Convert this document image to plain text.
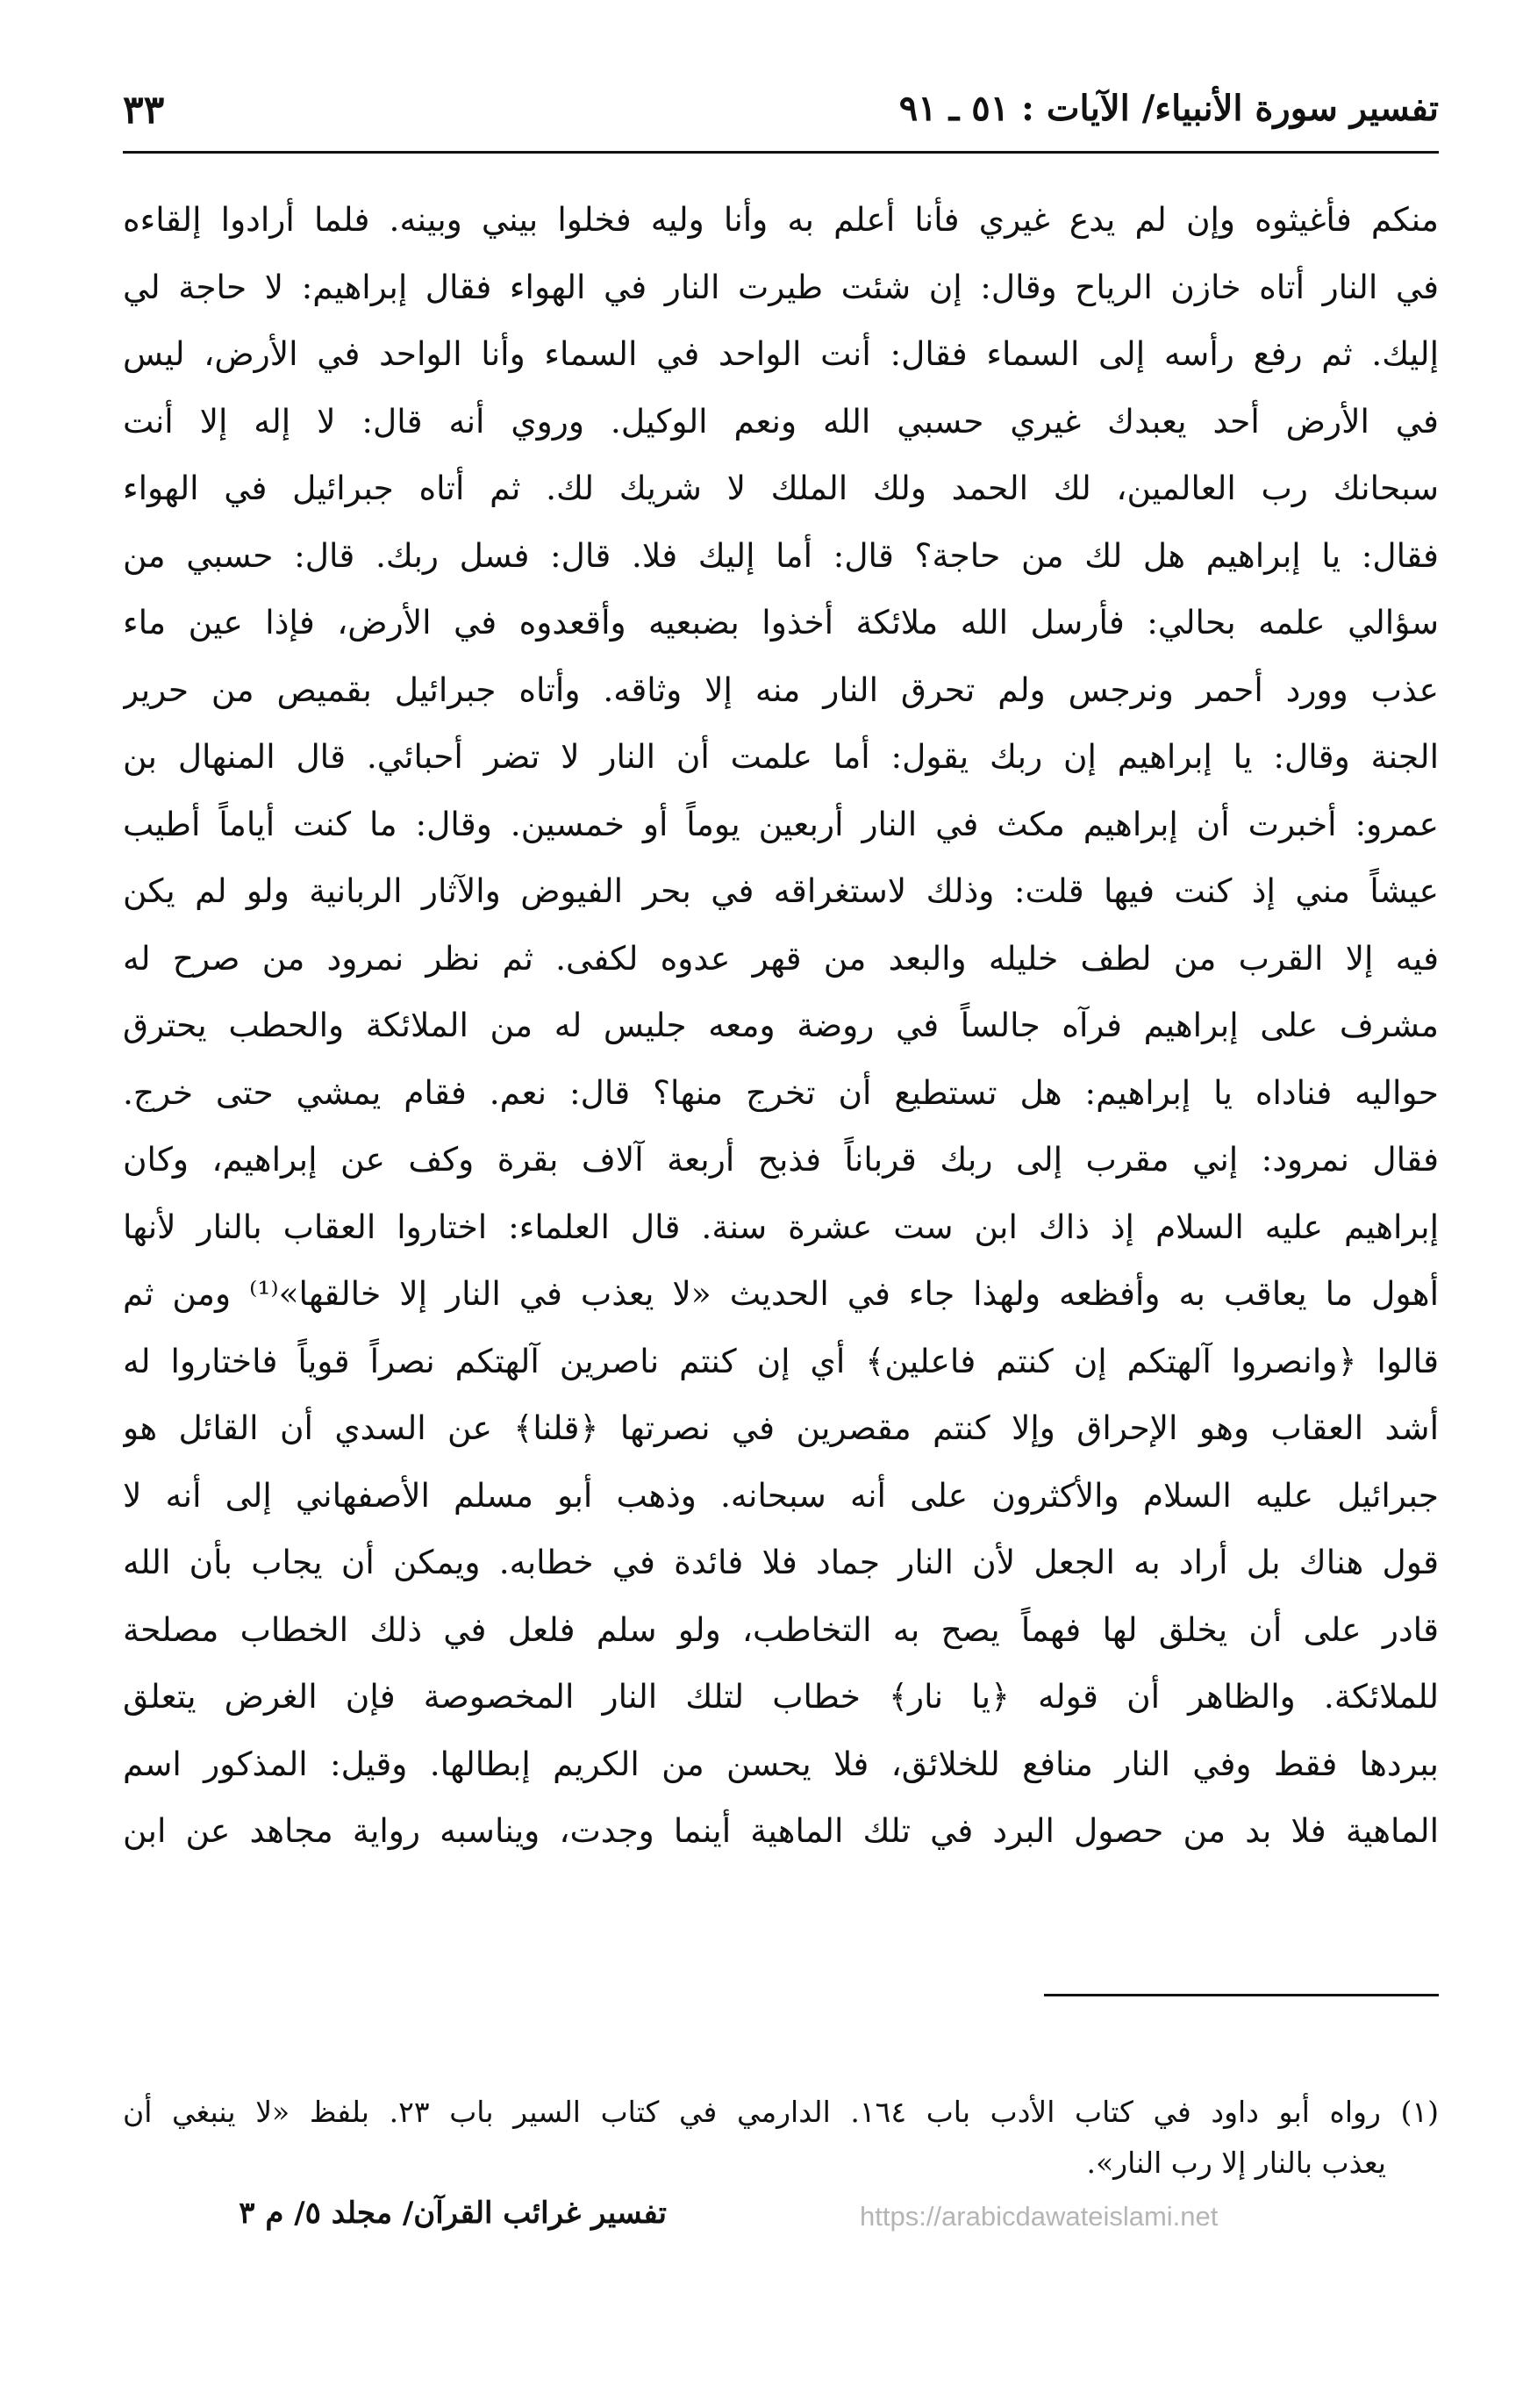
تفسير سورة الأنبياء/ الآيات : ٥١ ـ ٩١
٣٣
منكم فأغيثوه وإن لم يدع غيري فأنا أعلم به وأنا وليه فخلوا بيني وبينه. فلما أرادوا إلقاءه
في النار أتاه خازن الرياح وقال: إن شئت طيرت النار في الهواء فقال إبراهيم: لا حاجة لي
إليك. ثم رفع رأسه إلى السماء فقال: أنت الواحد في السماء وأنا الواحد في الأرض، ليس
في الأرض أحد يعبدك غيري حسبي الله ونعم الوكيل. وروي أنه قال: لا إله إلا أنت
سبحانك رب العالمين، لك الحمد ولك الملك لا شريك لك. ثم أتاه جبرائيل في الهواء
فقال: يا إبراهيم هل لك من حاجة؟ قال: أما إليك فلا. قال: فسل ربك. قال: حسبي من
سؤالي علمه بحالي: فأرسل الله ملائكة أخذوا بضبعيه وأقعدوه في الأرض، فإذا عين ماء
عذب وورد أحمر ونرجس ولم تحرق النار منه إلا وثاقه. وأتاه جبرائيل بقميص من حرير
الجنة وقال: يا إبراهيم إن ربك يقول: أما علمت أن النار لا تضر أحبائي. قال المنهال بن
عمرو: أخبرت أن إبراهيم مكث في النار أربعين يوماً أو خمسين. وقال: ما كنت أياماً أطيب
عيشاً مني إذ كنت فيها قلت: وذلك لاستغراقه في بحر الفيوض والآثار الربانية ولو لم يكن
فيه إلا القرب من لطف خليله والبعد من قهر عدوه لكفى. ثم نظر نمرود من صرح له
مشرف على إبراهيم فرآه جالساً في روضة ومعه جليس له من الملائكة والحطب يحترق
حواليه فناداه يا إبراهيم: هل تستطيع أن تخرج منها؟ قال: نعم. فقام يمشي حتى خرج.
فقال نمرود: إني مقرب إلى ربك قرباناً فذبح أربعة آلاف بقرة وكف عن إبراهيم، وكان
إبراهيم عليه السلام إذ ذاك ابن ست عشرة سنة. قال العلماء: اختاروا العقاب بالنار لأنها
أهول ما يعاقب به وأفظعه ولهذا جاء في الحديث «لا يعذب في النار إلا خالقها»⁽¹⁾ ومن ثم
قالوا ﴿وانصروا آلهتكم إن كنتم فاعلين﴾ أي إن كنتم ناصرين آلهتكم نصراً قوياً فاختاروا له
أشد العقاب وهو الإحراق وإلا كنتم مقصرين في نصرتها ﴿قلنا﴾ عن السدي أن القائل هو
جبرائيل عليه السلام والأكثرون على أنه سبحانه. وذهب أبو مسلم الأصفهاني إلى أنه لا
قول هناك بل أراد به الجعل لأن النار جماد فلا فائدة في خطابه. ويمكن أن يجاب بأن الله
قادر على أن يخلق لها فهماً يصح به التخاطب، ولو سلم فلعل في ذلك الخطاب مصلحة
للملائكة. والظاهر أن قوله ﴿يا نار﴾ خطاب لتلك النار المخصوصة فإن الغرض يتعلق
ببردها فقط وفي النار منافع للخلائق، فلا يحسن من الكريم إبطالها. وقيل: المذكور اسم
الماهية فلا بد من حصول البرد في تلك الماهية أينما وجدت، ويناسبه رواية مجاهد عن ابن
(١) رواه أبو داود في كتاب الأدب باب ١٦٤. الدارمي في كتاب السير باب ٢٣. بلفظ «لا ينبغي أن
يعذب بالنار إلا رب النار».
تفسير غرائب القرآن/ مجلد ٥/ م ٣	https://arabicdawateislami.net
